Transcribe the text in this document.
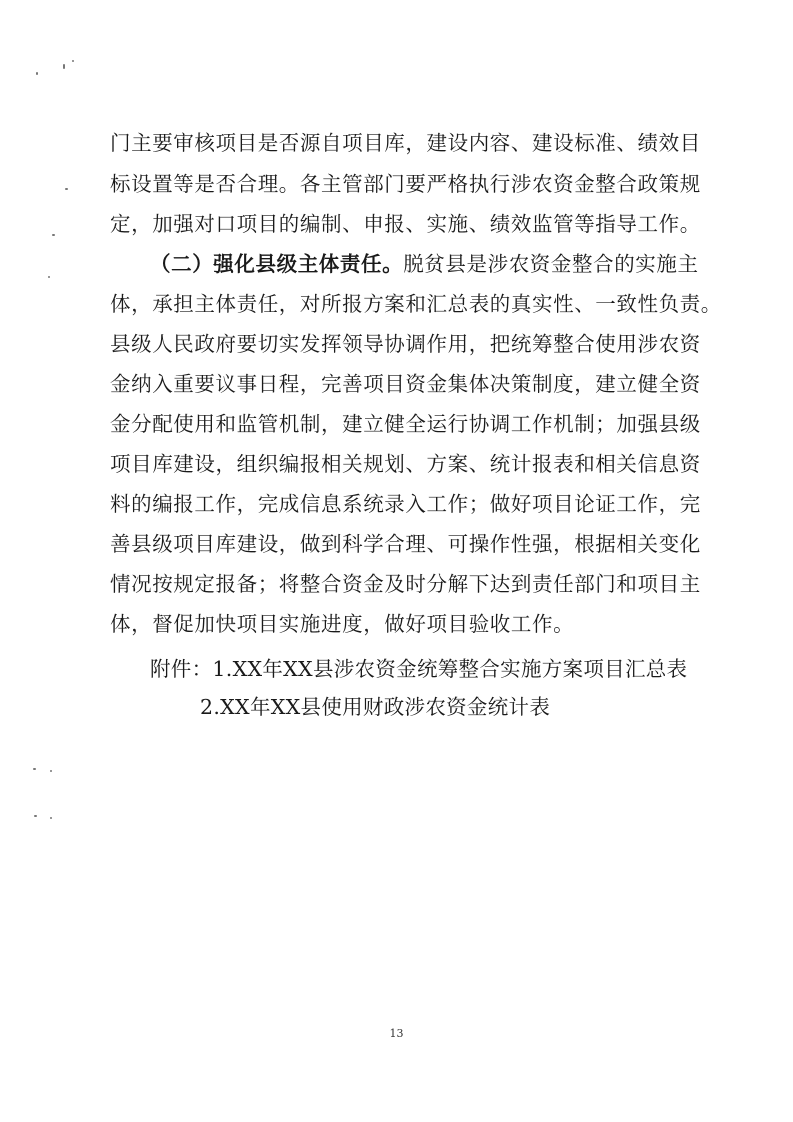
门主要审核项目是否源自项目库，建设内容、建设标准、绩效目
标设置等是否合理。各主管部门要严格执行涉农资金整合政策规
定，加强对口项目的编制、申报、实施、绩效监管等指导工作。
（二）强化县级主体责任。脱贫县是涉农资金整合的实施主
体，承担主体责任，对所报方案和汇总表的真实性、一致性负责。
县级人民政府要切实发挥领导协调作用，把统筹整合使用涉农资
金纳入重要议事日程，完善项目资金集体决策制度，建立健全资
金分配使用和监管机制，建立健全运行协调工作机制；加强县级
项目库建设，组织编报相关规划、方案、统计报表和相关信息资
料的编报工作，完成信息系统录入工作；做好项目论证工作，完
善县级项目库建设，做到科学合理、可操作性强，根据相关变化
情况按规定报备；将整合资金及时分解下达到责任部门和项目主
体，督促加快项目实施进度，做好项目验收工作。
附件：1.XX年XX县涉农资金统筹整合实施方案项目汇总表
2.XX年XX县使用财政涉农资金统计表
13
